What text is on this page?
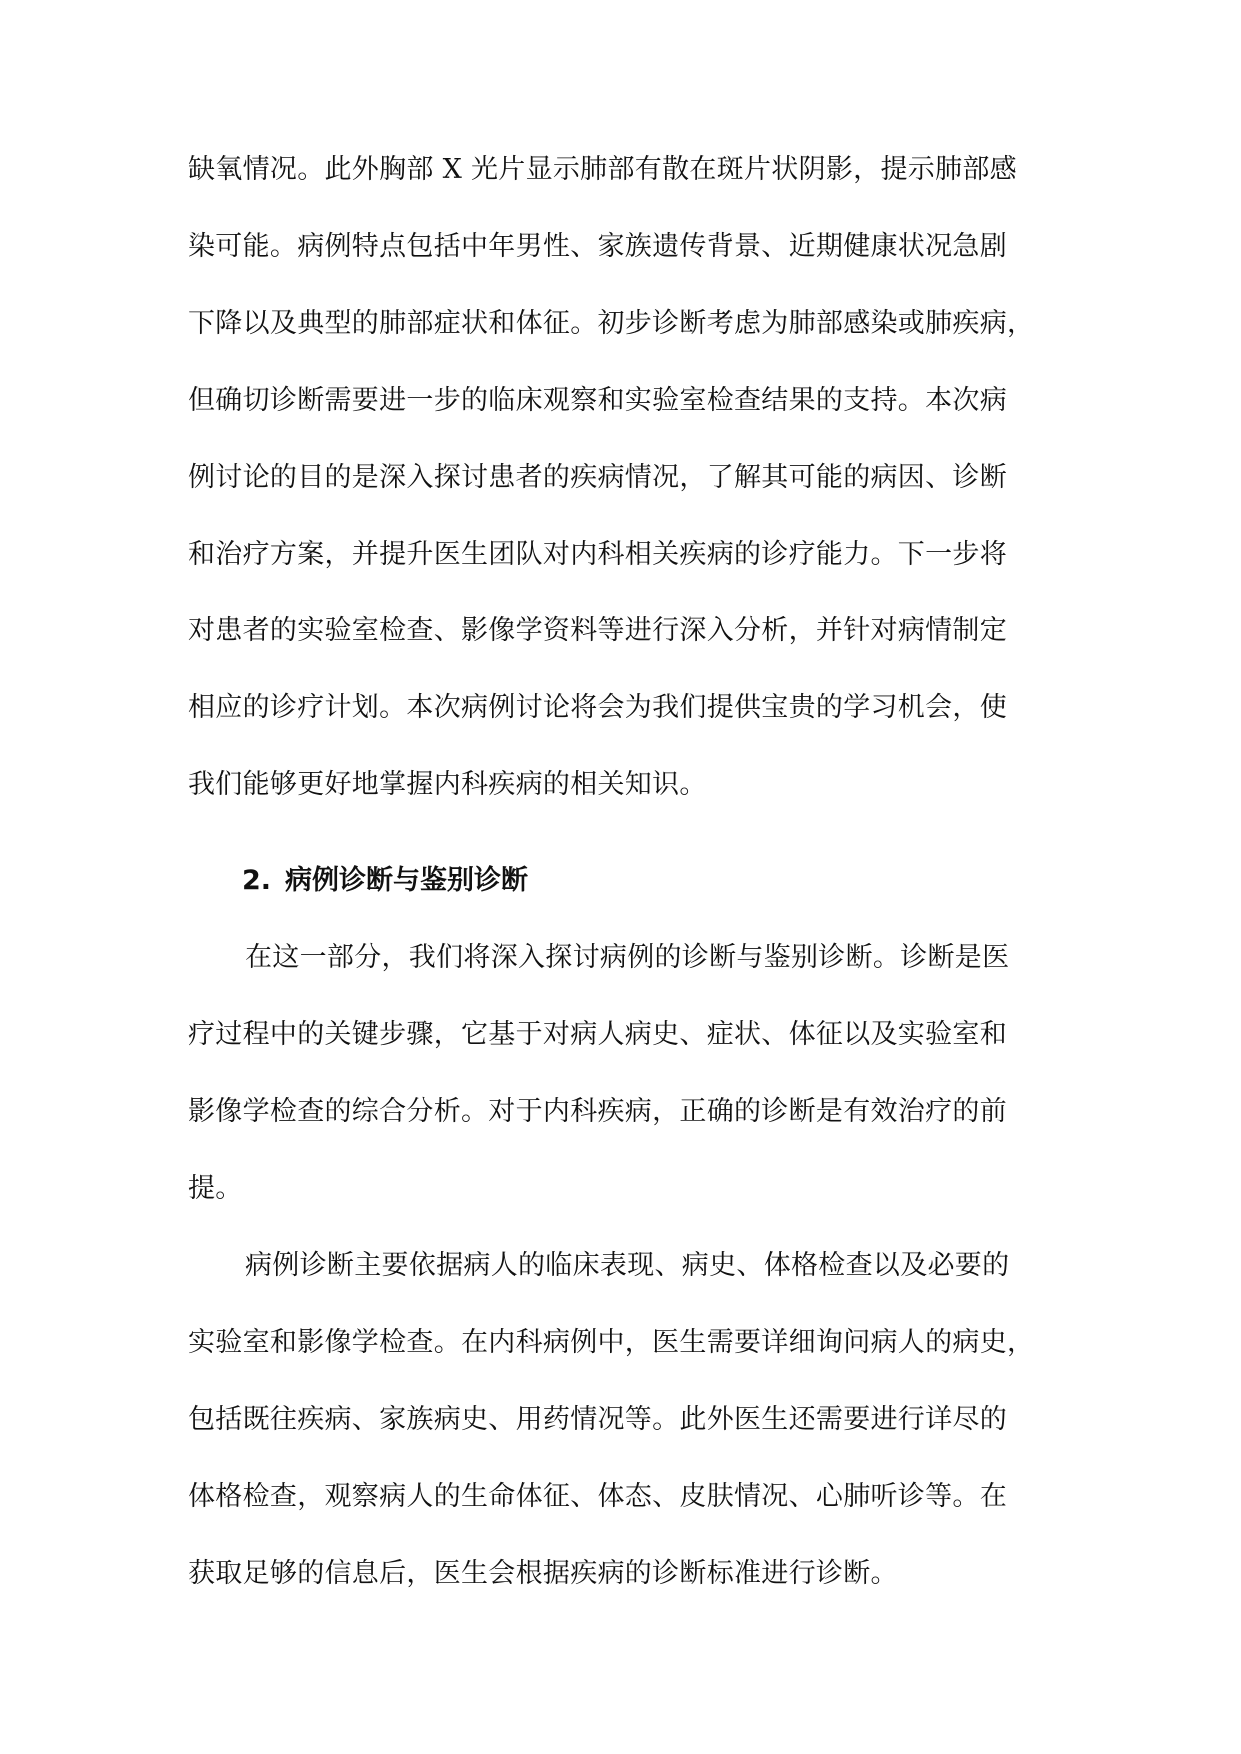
缺氧情况。此外胸部 X 光片显示肺部有散在斑片状阴影，提示肺部感
染可能。病例特点包括中年男性、家族遗传背景、近期健康状况急剧
下降以及典型的肺部症状和体征。初步诊断考虑为肺部感染或肺疾病，
但确切诊断需要进一步的临床观察和实验室检查结果的支持。本次病
例讨论的目的是深入探讨患者的疾病情况，了解其可能的病因、诊断
和治疗方案，并提升医生团队对内科相关疾病的诊疗能力。下一步将
对患者的实验室检查、影像学资料等进行深入分析，并针对病情制定
相应的诊疗计划。本次病例讨论将会为我们提供宝贵的学习机会，使
我们能够更好地掌握内科疾病的相关知识。
2. 病例诊断与鉴别诊断
在这一部分，我们将深入探讨病例的诊断与鉴别诊断。诊断是医
疗过程中的关键步骤，它基于对病人病史、症状、体征以及实验室和
影像学检查的综合分析。对于内科疾病，正确的诊断是有效治疗的前
提。
病例诊断主要依据病人的临床表现、病史、体格检查以及必要的
实验室和影像学检查。在内科病例中，医生需要详细询问病人的病史，
包括既往疾病、家族病史、用药情况等。此外医生还需要进行详尽的
体格检查，观察病人的生命体征、体态、皮肤情况、心肺听诊等。在
获取足够的信息后，医生会根据疾病的诊断标准进行诊断。
